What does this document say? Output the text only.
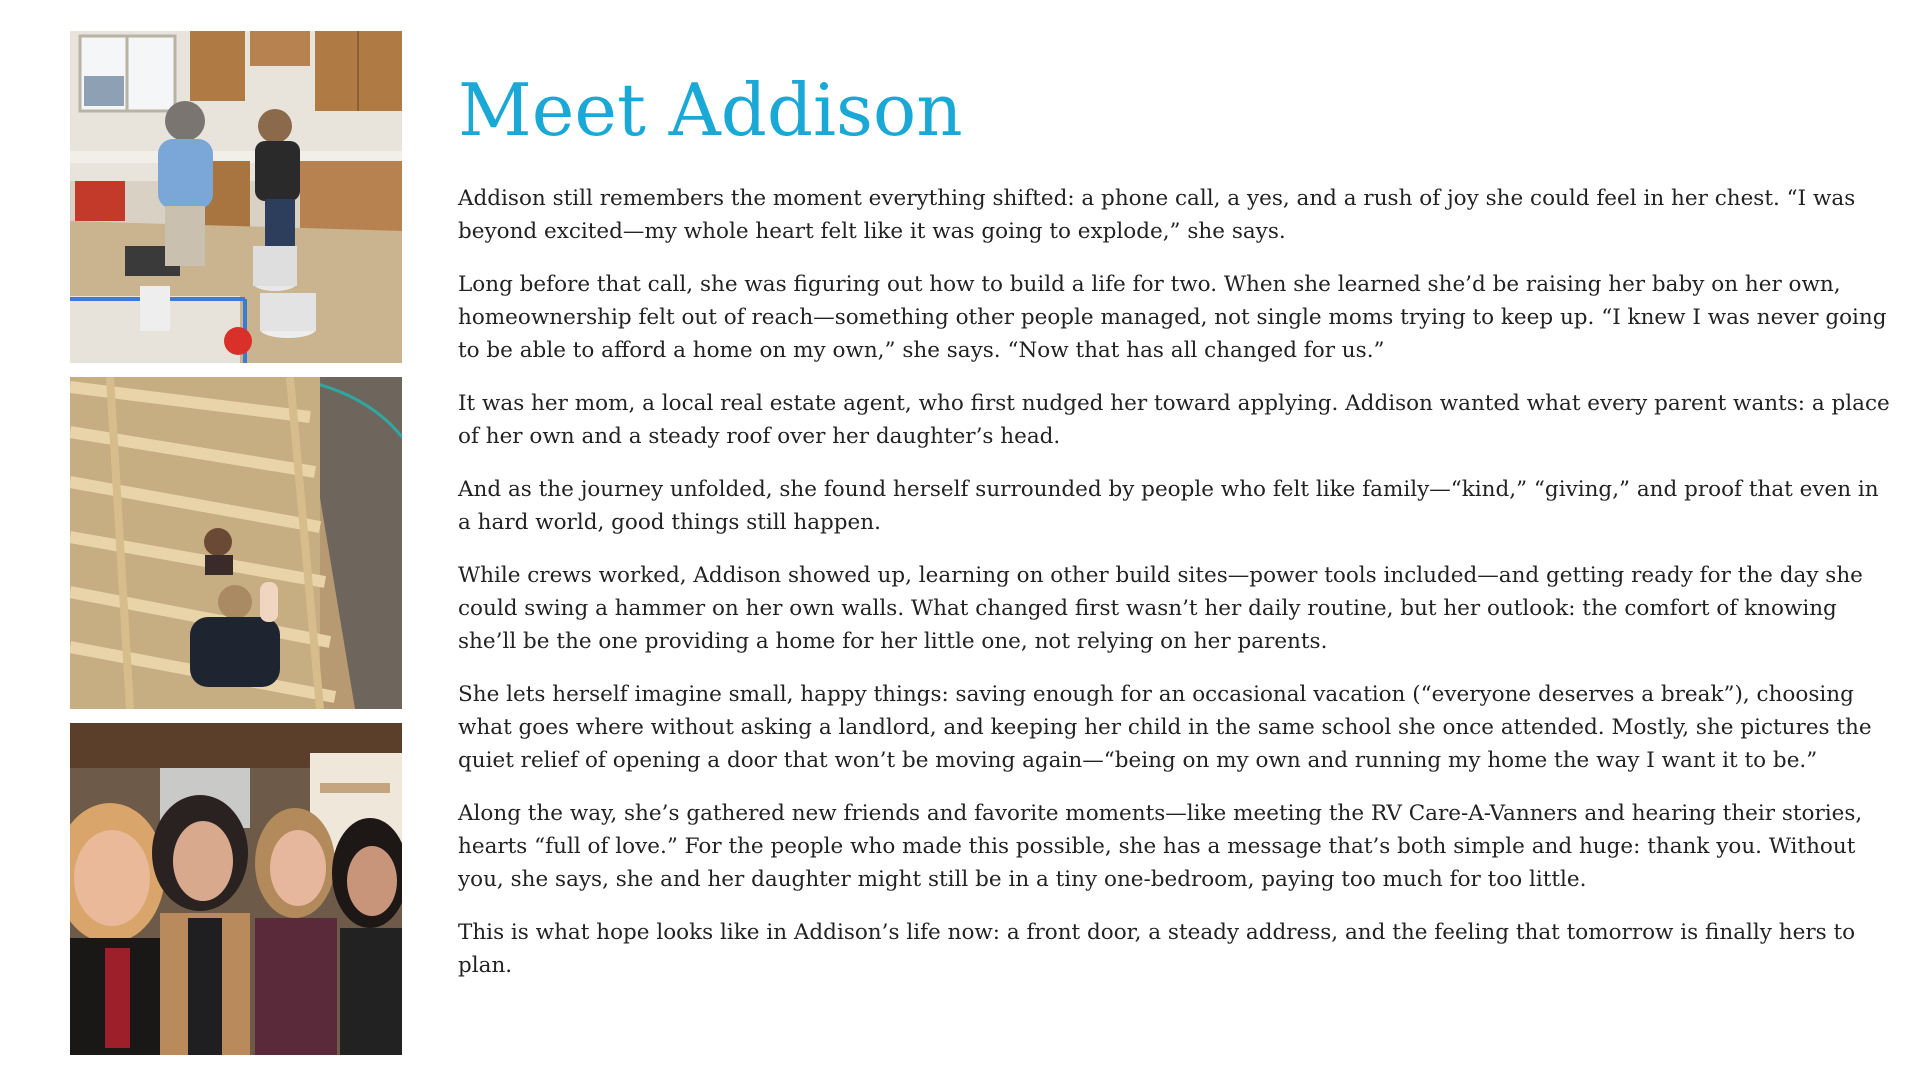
Meet Addison

Addison still remembers the moment everything shifted: a phone call, a yes, and a rush of joy she could feel in her chest. “I was beyond excited—my whole heart felt like it was going to explode,” she says.

Long before that call, she was figuring out how to build a life for two. When she learned she’d be raising her baby on her own, homeownership felt out of reach—something other people managed, not single moms trying to keep up. “I knew I was never going to be able to afford a home on my own,” she says. “Now that has all changed for us.”

It was her mom, a local real estate agent, who first nudged her toward applying. Addison wanted what every parent wants: a place of her own and a steady roof over her daughter’s head.

And as the journey unfolded, she found herself surrounded by people who felt like family—“kind,” “giving,” and proof that even in a hard world, good things still happen.

While crews worked, Addison showed up, learning on other build sites—power tools included—and getting ready for the day she could swing a hammer on her own walls. What changed first wasn’t her daily routine, but her outlook: the comfort of knowing she’ll be the one providing a home for her little one, not relying on her parents.

She lets herself imagine small, happy things: saving enough for an occasional vacation (“everyone deserves a break”), choosing what goes where without asking a landlord, and keeping her child in the same school she once attended. Mostly, she pictures the quiet relief of opening a door that won’t be moving again—“being on my own and running my home the way I want it to be.”

Along the way, she’s gathered new friends and favorite moments—like meeting the RV Care-A-Vanners and hearing their stories, hearts “full of love.” For the people who made this possible, she has a message that’s both simple and huge: thank you. Without you, she says, she and her daughter might still be in a tiny one-bedroom, paying too much for too little.

This is what hope looks like in Addison’s life now: a front door, a steady address, and the feeling that tomorrow is finally hers to plan.
